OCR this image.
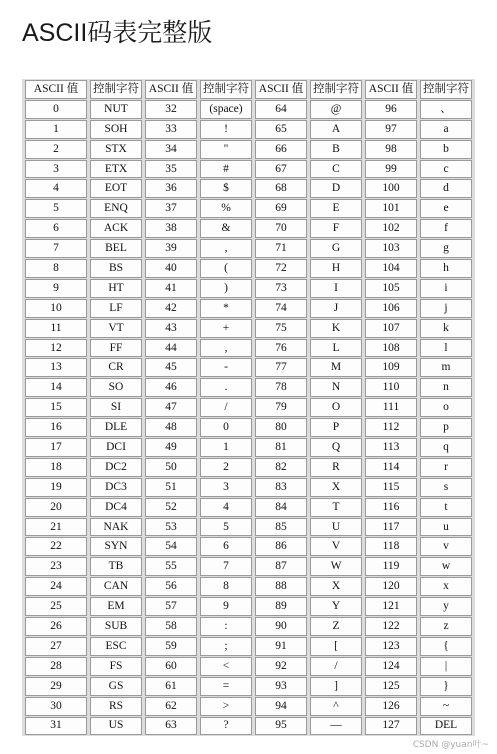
ASCII码表完整版
ASCII 值	控制字符	ASCII 值	控制字符	ASCII 值	控制字符	ASCII 值	控制字符
0	NUT	32	(space)	64	@	96	、
1	SOH	33	!	65	A	97	a
2	STX	34	"	66	B	98	b
3	ETX	35	#	67	C	99	c
4	EOT	36	$	68	D	100	d
5	ENQ	37	%	69	E	101	e
6	ACK	38	&	70	F	102	f
7	BEL	39	,	71	G	103	g
8	BS	40	(	72	H	104	h
9	HT	41	)	73	I	105	i
10	LF	42	*	74	J	106	j
11	VT	43	+	75	K	107	k
12	FF	44	,	76	L	108	l
13	CR	45	-	77	M	109	m
14	SO	46	.	78	N	110	n
15	SI	47	/	79	O	111	o
16	DLE	48	0	80	P	112	p
17	DCI	49	1	81	Q	113	q
18	DC2	50	2	82	R	114	r
19	DC3	51	3	83	X	115	s
20	DC4	52	4	84	T	116	t
21	NAK	53	5	85	U	117	u
22	SYN	54	6	86	V	118	v
23	TB	55	7	87	W	119	w
24	CAN	56	8	88	X	120	x
25	EM	57	9	89	Y	121	y
26	SUB	58	:	90	Z	122	z
27	ESC	59	;	91	[	123	{
28	FS	60	<	92	/	124	|
29	GS	61	=	93	]	125	}
30	RS	62	>	94	^	126	~
31	US	63	?	95	—	127	DEL
CSDN @yuan叶~
